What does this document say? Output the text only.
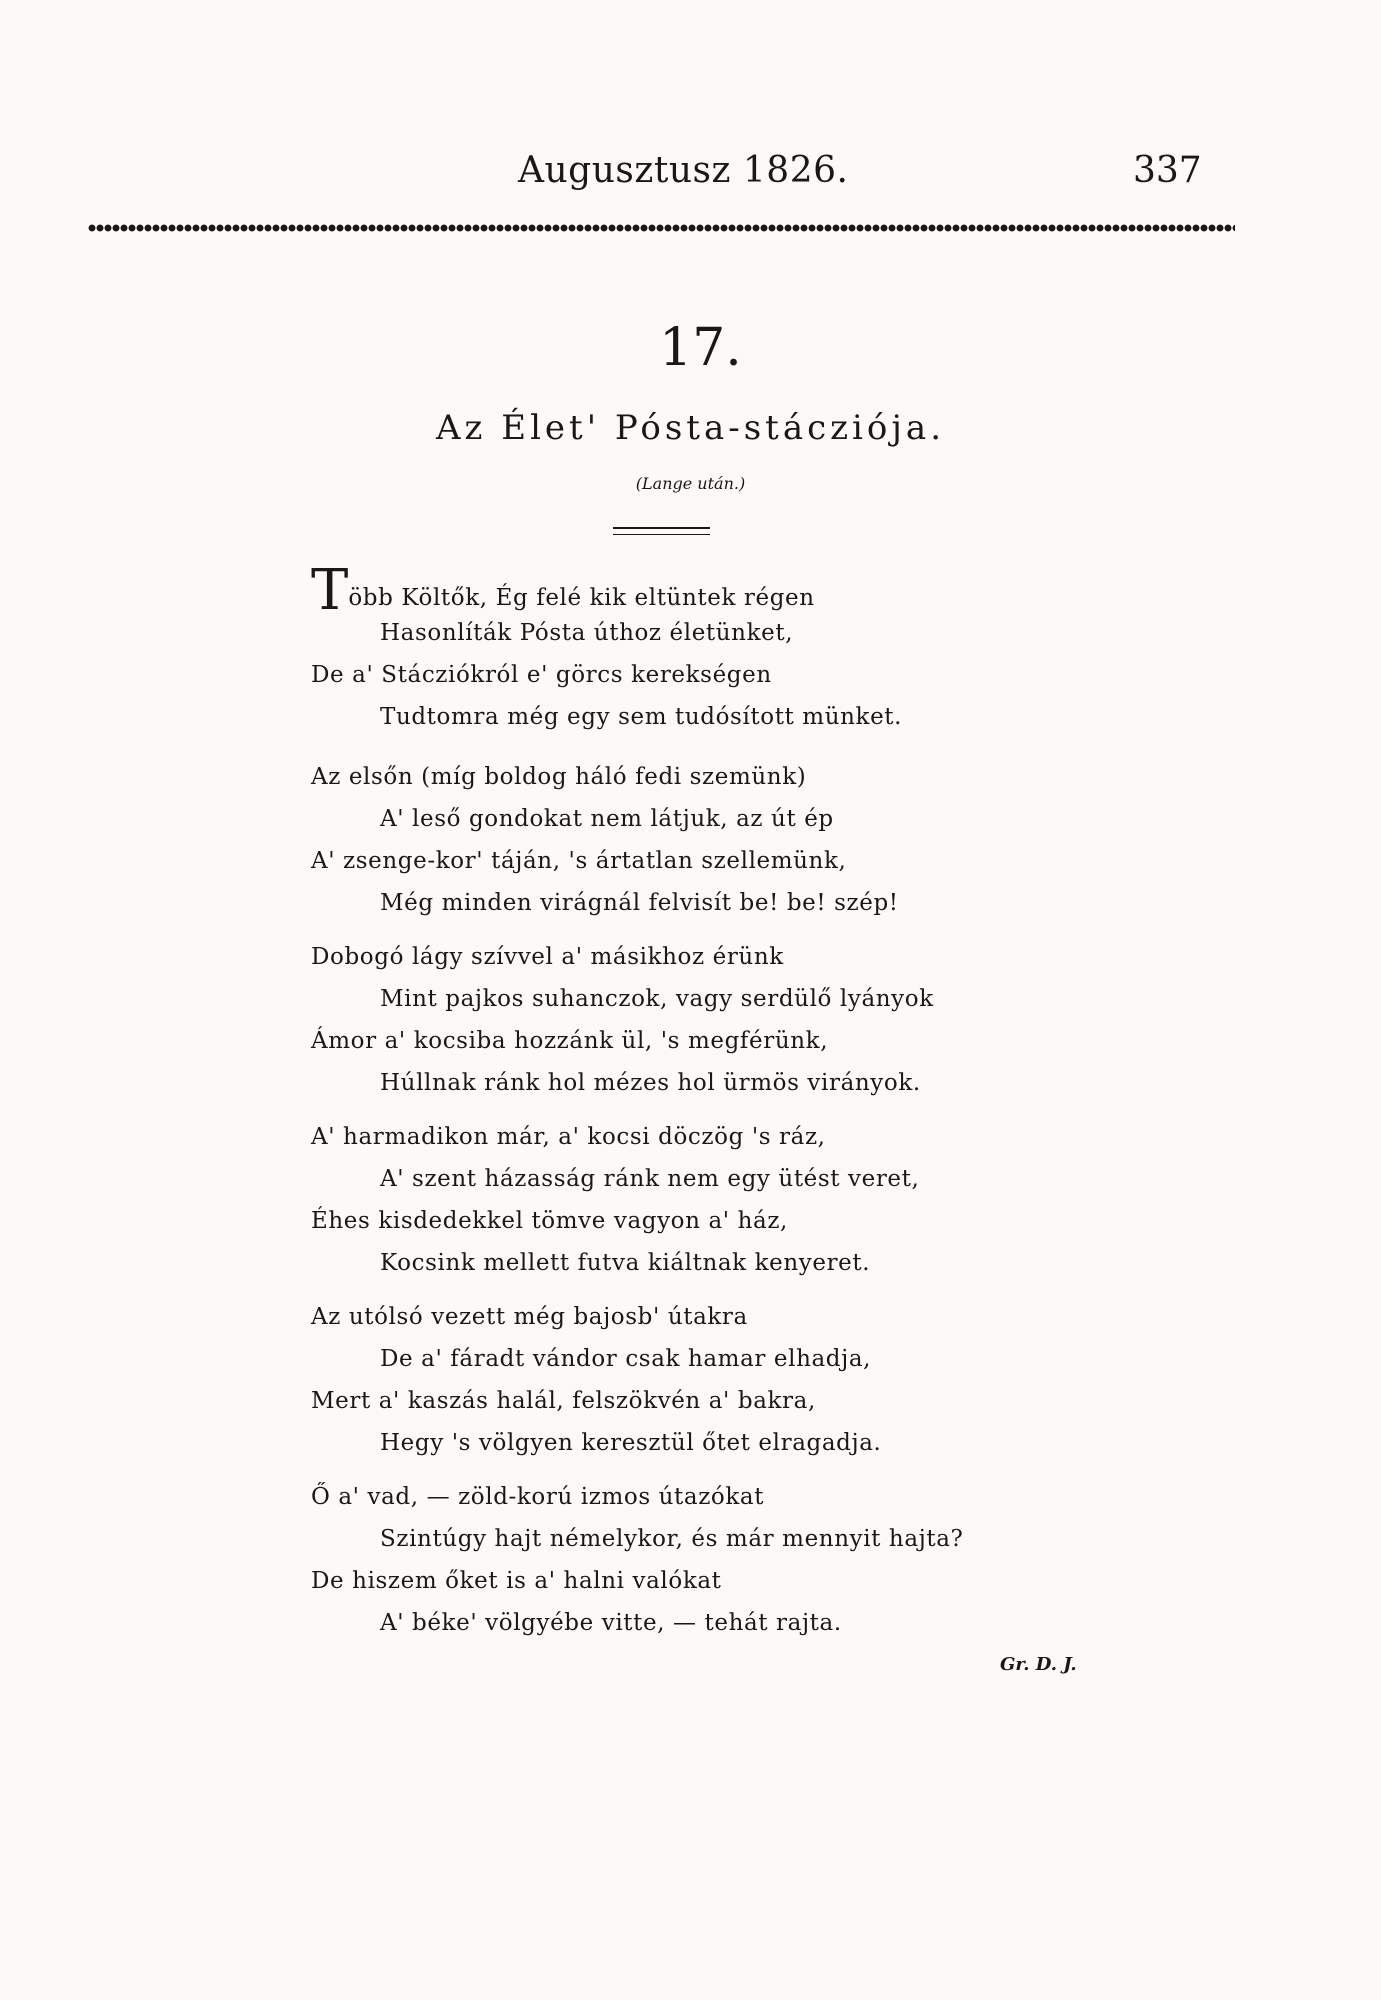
Augusztusz 1826.	337
17.
Az Élet' Pósta-stácziója.
(Lange után.)
Több Költők, Ég felé kik eltüntek régen
Hasonlíták Pósta úthoz életünket,
De a' Stácziókról e' görcs kerekségen
Tudtomra még egy sem tudósított münket.
Az elsőn (míg boldog háló fedi szemünk)
A' leső gondokat nem látjuk, az út ép
A' zsenge-kor' táján, 's ártatlan szellemünk,
Még minden virágnál felvisít be! be! szép!
Dobogó lágy szívvel a' másikhoz érünk
Mint pajkos suhanczok, vagy serdülő lyányok
Ámor a' kocsiba hozzánk ül, 's megférünk,
Húllnak ránk hol mézes hol ürmös virányok.
A' harmadikon már, a' kocsi döczög 's ráz,
A' szent házasság ránk nem egy ütést veret,
Éhes kisdedekkel tömve vagyon a' ház,
Kocsink mellett futva kiáltnak kenyeret.
Az utólsó vezett még bajosb' útakra
De a' fáradt vándor csak hamar elhadja,
Mert a' kaszás halál, felszökvén a' bakra,
Hegy 's völgyen keresztül őtet elragadja.
Ő a' vad, — zöld-korú izmos útazókat
Szintúgy hajt némelykor, és már mennyit hajta?
De hiszem őket is a' halni valókat
A' béke' völgyébe vitte, — tehát rajta.
Gr. D. J.
